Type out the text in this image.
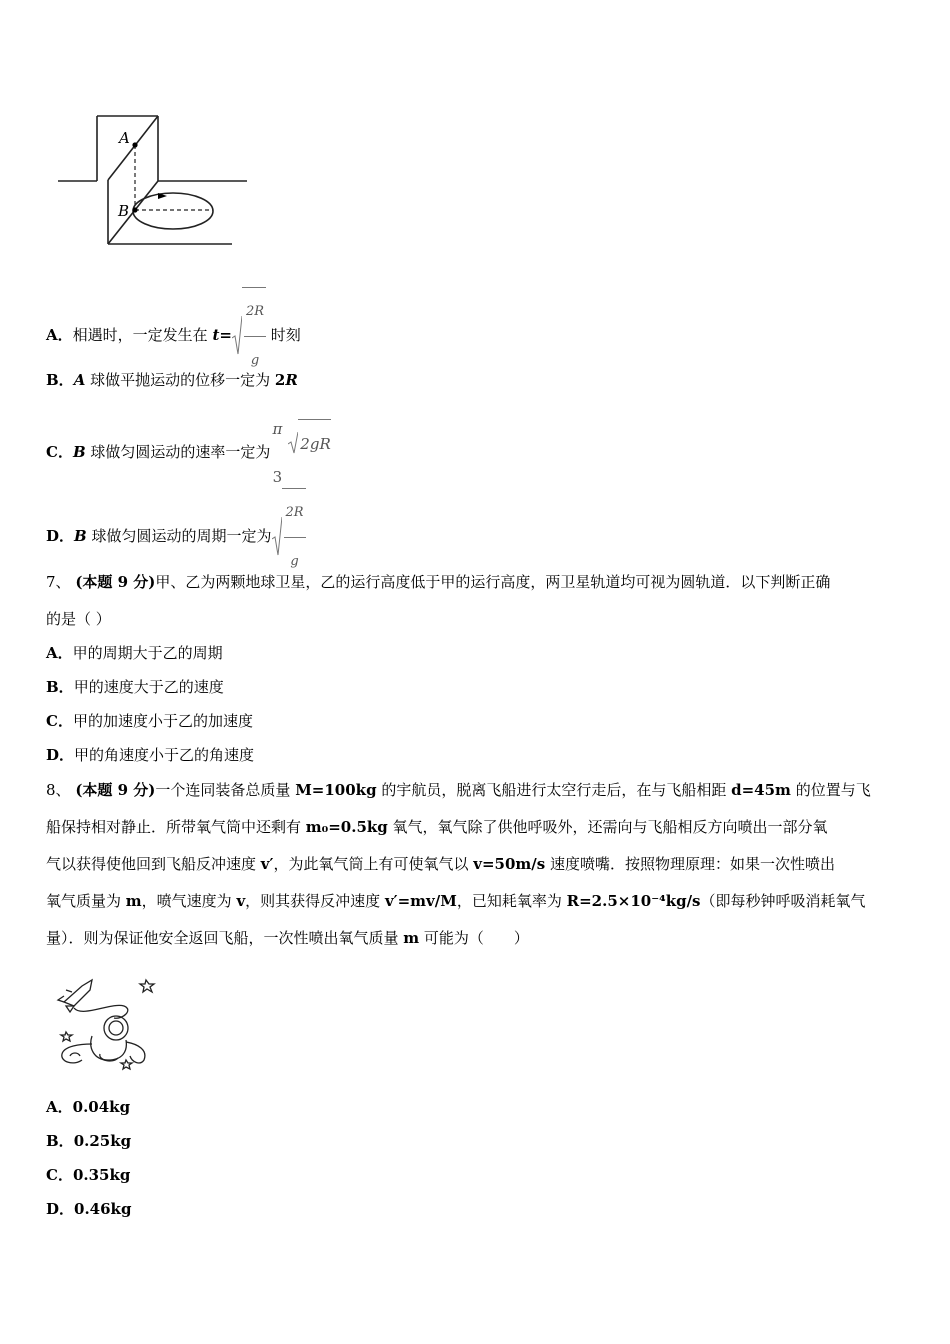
A
B
A．相遇时，一定发生在 $t= \frac{2R}{g}$ 时刻
B．A 球做平抛运动的位移一定为 2R
C．B 球做匀圆运动的速率一定为
π
3
2gR
D．B 球做匀圆运动的周期一定为 $\frac{2R}{g}$
7、 (本题 9 分)甲、乙为两颗地球卫星，乙的运行高度低于甲的运行高度，两卫星轨道均可视为圆轨道．以下判断正确
的是（ ）
A．甲的周期大于乙的周期
B．甲的速度大于乙的速度
C．甲的加速度小于乙的加速度
D．甲的角速度小于乙的角速度
8、 (本题 9 分)一个连同装备总质量 M=100kg 的宇航员，脱离飞船进行太空行走后，在与飞船相距 d=45m 的位置与飞
船保持相对静止．所带氧气筒中还剩有 m₀=0.5kg 氧气，氧气除了供他呼吸外，还需向与飞船相反方向喷出一部分氧
气以获得使他回到飞船反冲速度 v′，为此氧气筒上有可使氧气以 v=50m/s 速度喷嘴．按照物理原理：如果一次性喷出
氧气质量为 m，喷气速度为 v，则其获得反冲速度 v′=mv/M，已知耗氧率为 R=2.5×10⁻⁴kg/s（即每秒钟呼吸消耗氧气
量）．则为保证他安全返回飞船，一次性喷出氧气质量 m 可能为（　　）
A．0.04kg
B．0.25kg
C．0.35kg
D．0.46kg
